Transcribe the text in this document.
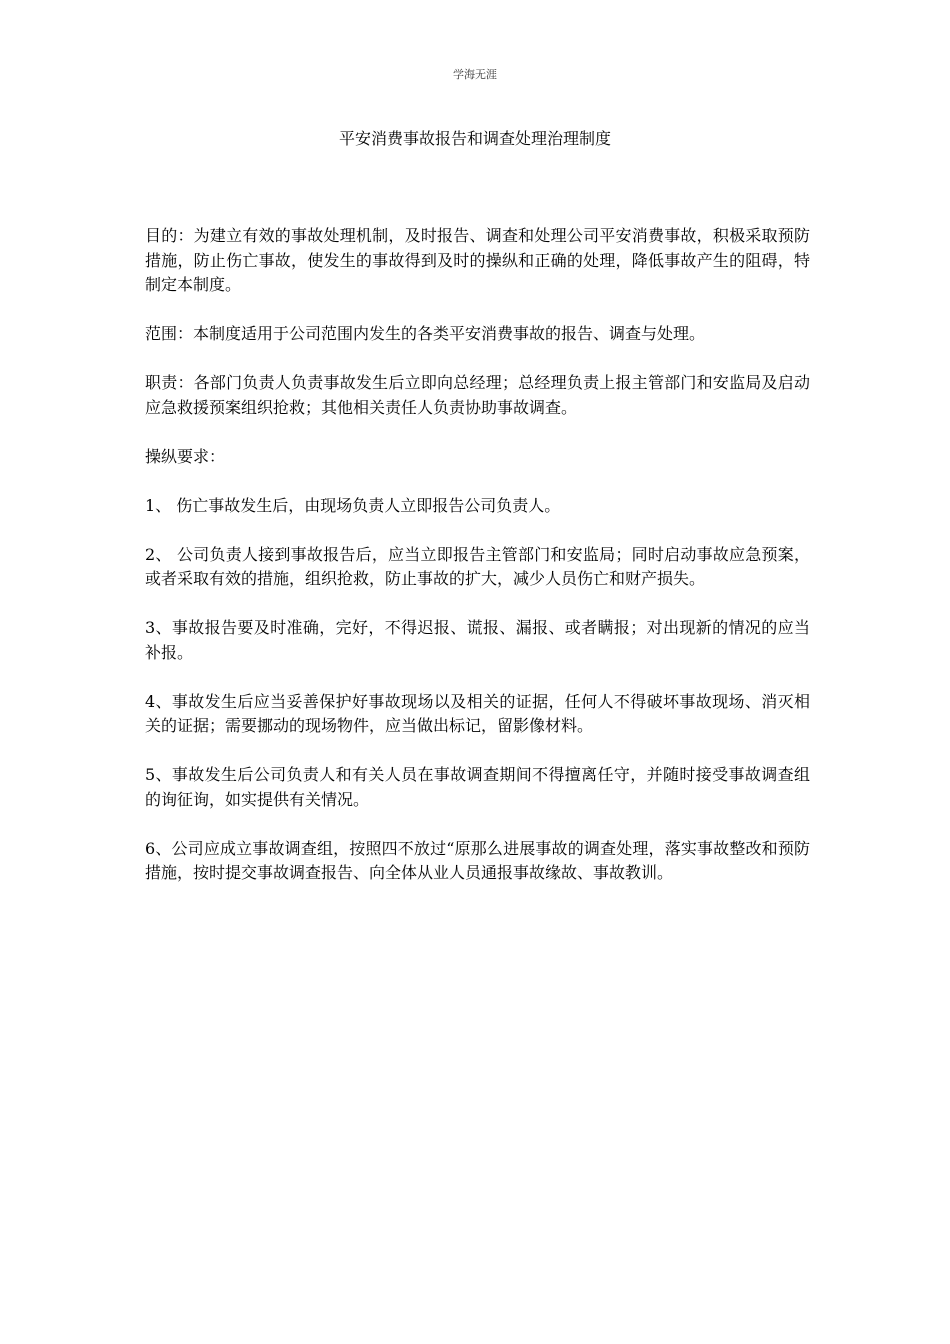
学海无涯
平安消费事故报告和调查处理治理制度

目的：为建立有效的事故处理机制，及时报告、调查和处理公司平安消费事故，积极采取预防措施，防止伤亡事故，使发生的事故得到及时的操纵和正确的处理，降低事故产生的阻碍，特制定本制度。

范围：本制度适用于公司范围内发生的各类平安消费事故的报告、调查与处理。

职责：各部门负责人负责事故发生后立即向总经理；总经理负责上报主管部门和安监局及启动应急救援预案组织抢救；其他相关责任人负责协助事故调查。

操纵要求：

1、 伤亡事故发生后，由现场负责人立即报告公司负责人。

2、 公司负责人接到事故报告后，应当立即报告主管部门和安监局；同时启动事故应急预案，或者采取有效的措施，组织抢救，防止事故的扩大，减少人员伤亡和财产损失。

3、事故报告要及时准确，完好，不得迟报、谎报、漏报、或者瞒报；对出现新的情况的应当补报。

4、事故发生后应当妥善保护好事故现场以及相关的证据，任何人不得破坏事故现场、消灭相关的证据；需要挪动的现场物件，应当做出标记，留影像材料。

5、事故发生后公司负责人和有关人员在事故调查期间不得擅离任守，并随时接受事故调查组的询征询，如实提供有关情况。

6、公司应成立事故调查组，按照四不放过“原那么进展事故的调查处理，落实事故整改和预防措施，按时提交事故调查报告、向全体从业人员通报事故缘故、事故教训。
